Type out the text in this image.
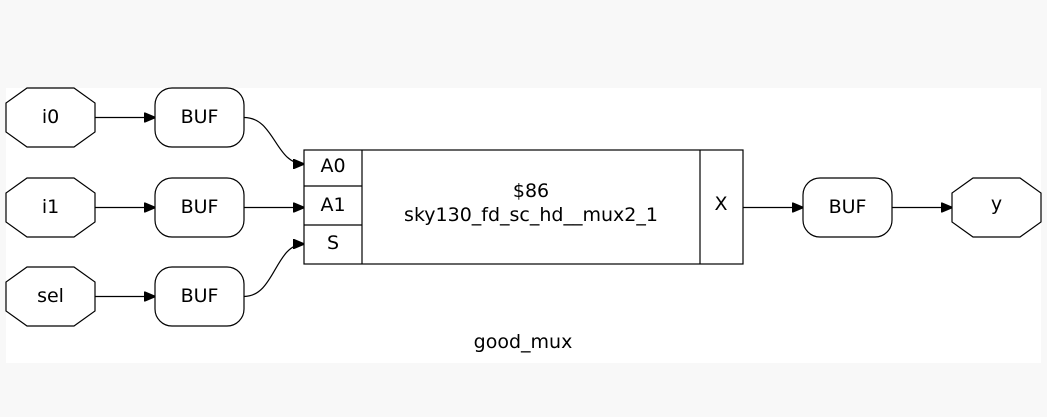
i0
i1
sel
BUF
BUF
BUF
A0
A1
S
$86
sky130_fd_sc_hd__mux2_1	X	BUF	y
good_mux
